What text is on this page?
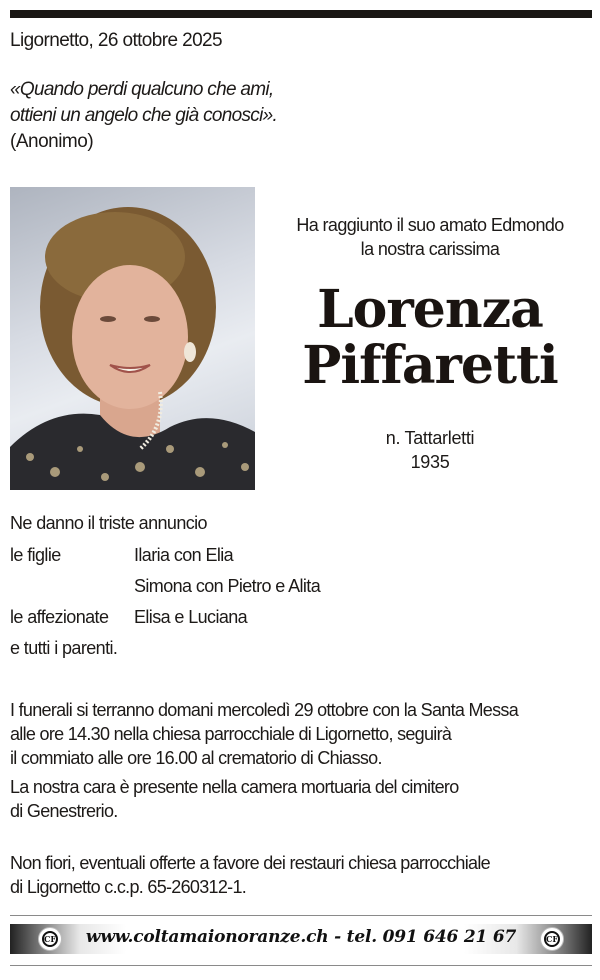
Ligornetto, 26 ottobre 2025
«Quando perdi qualcuno che ami,
ottieni un angelo che già conosci».
(Anonimo)
Ha raggiunto il suo amato Edmondo
la nostra carissima
Lorenza
Piffaretti
n. Tattarletti
1935
Ne danno il triste annuncio
le figlie	Ilaria con Elia
Simona con Pietro e Alita
le affezionate Elisa e Luciana
e tutti i parenti.
I funerali si terranno domani mercoledì 29 ottobre con la Santa Messa
alle ore 14.30 nella chiesa parrocchiale di Ligornetto, seguirà
il commiato alle ore 16.00 al crematorio di Chiasso.
La nostra cara è presente nella camera mortuaria del cimitero
di Genestrerio.
Non fiori, eventuali offerte a favore dei restauri chiesa parrocchiale
di Ligornetto c.c.p. 65-260312-1.
CF	www.coltamaionoranze.ch - tel. 091 646 21 67	CF
